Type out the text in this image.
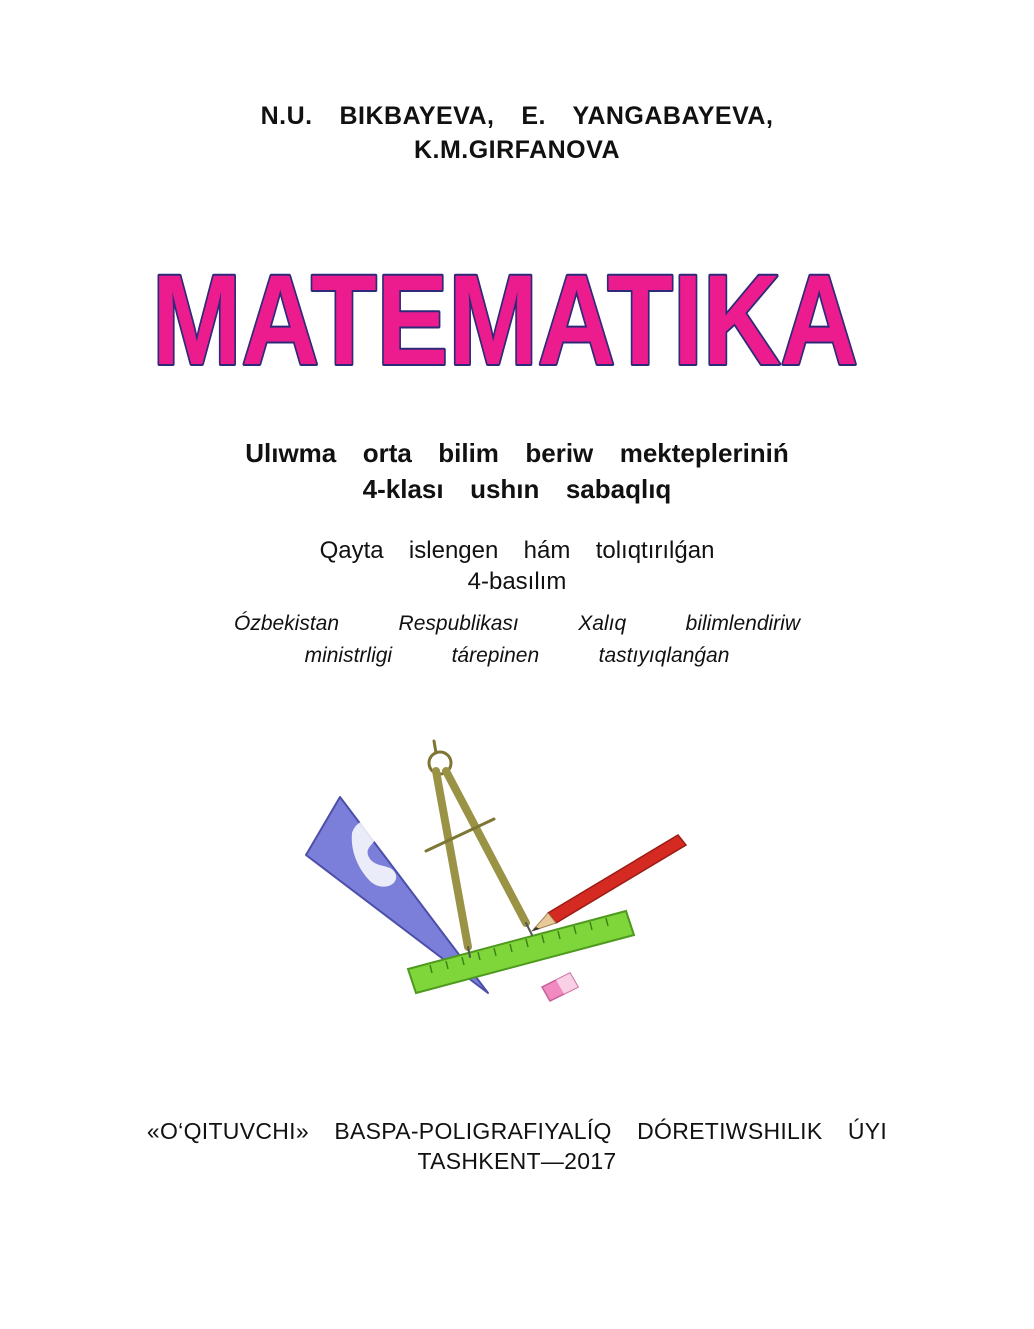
N.U.  BIKBAYEVA,  E.  YANGABAYEVA,
K.M.GIRFANOVA
MATEMATIKA
Ulıwma  orta  bilim  beriw  mektepleriniń
4-klası  ushın  sabaqlıq
Qayta  islengen  hám  tolıqtırılǵan
4-basılım
Ózbekistan   Respublikası   Xalıq   bilimlendiriw
ministrligi   tárepinen   tastıyıqlanǵan
«O‘QITUVCHI»  BASPA-POLIGRAFIYALÍQ  DÓRETIWSHILIK  ÚYI
TASHKENT—2017
